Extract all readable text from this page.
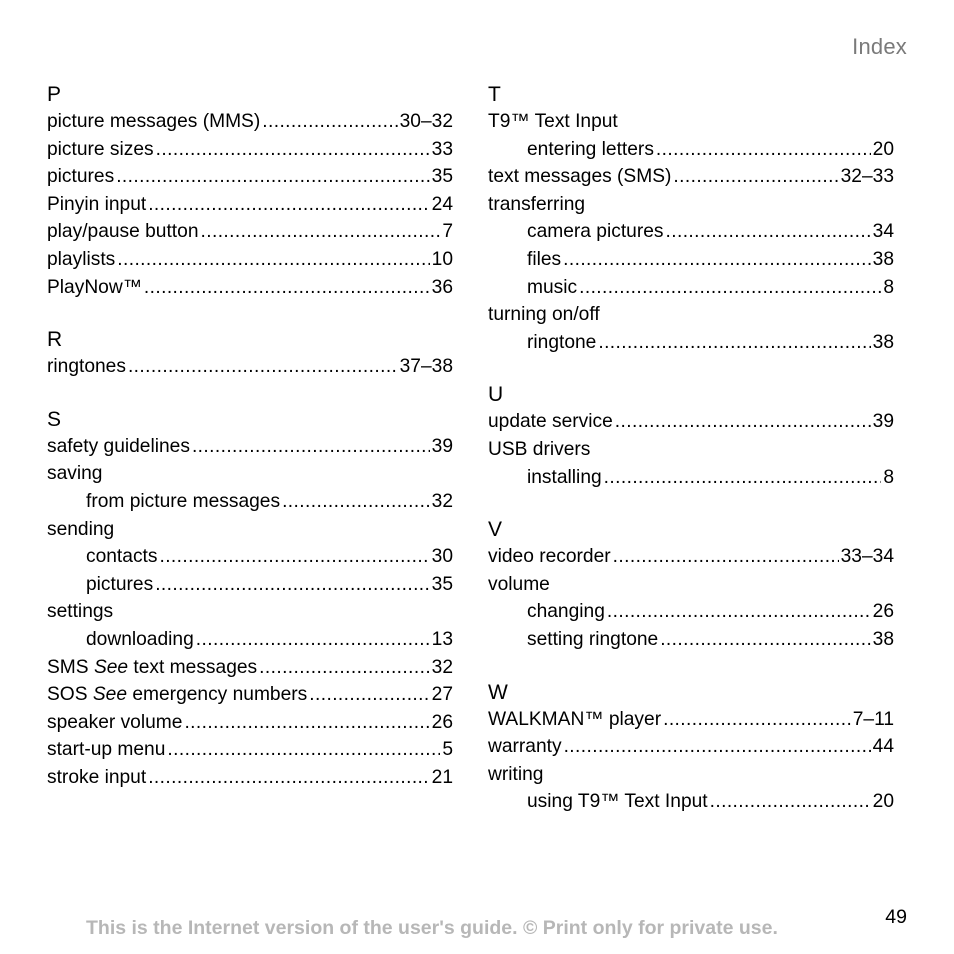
Index
P
picture messages (MMS) .....	30–32
picture sizes .....	33
pictures .....	35
Pinyin input .....	24
play/pause button .....	7
playlists .....	10
PlayNow™ .....	36
R
ringtones .....	37–38
S
safety guidelines .....	39
saving
from picture messages .....	32
sending
contacts .....	30
pictures .....	35
settings
downloading .....	13
SMS See text messages .....	32
SOS See emergency numbers .....	27
speaker volume .....	26
start-up menu .....	5
stroke input .....	21
T
T9™ Text Input
entering letters .....	20
text messages (SMS) .....	32–33
transferring
camera pictures .....	34
files .....	38
music .....	8
turning on/off
ringtone .....	38
U
update service .....	39
USB drivers
installing .....	8
V
video recorder .....	33–34
volume
changing .....	26
setting ringtone .....	38
W
WALKMAN™ player .....	7–11
warranty .....	44
writing
using T9™ Text Input .....	20
This is the Internet version of the user's guide. © Print only for private use.	49
